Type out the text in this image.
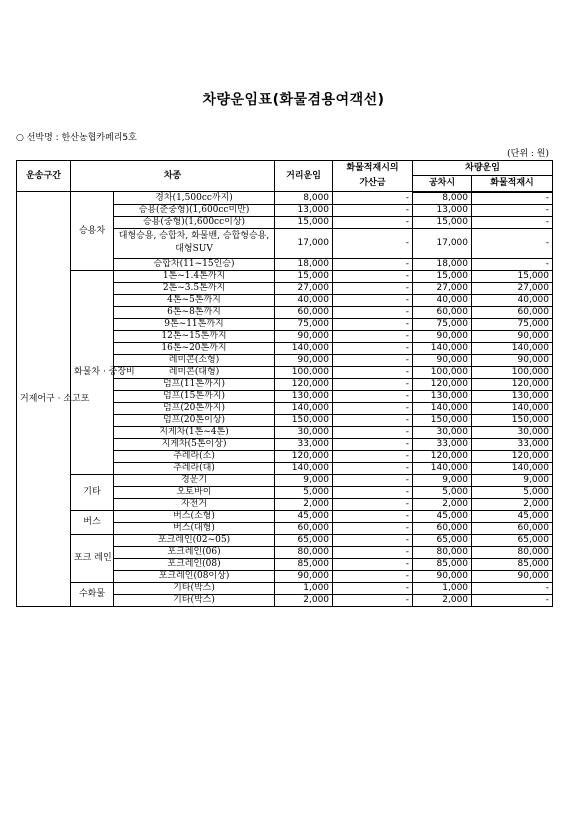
차량운임표(화물겸용여객선)
○ 선박명 : 한산농협카페리5호
(단위 : 원)
운송구간	차종		거리운임	화물적재시의
가산금	차량운임	
					공차시	화물적재시
거제어구 · 소고포	승용차	경차(1,500cc까지)	8,000	-	8,000	-
		승용(준중형)(1,600cc미만)	13,000	-	13,000	-
		승용(중형)(1,600cc이상)	15,000	-	15,000	-
		대형승용, 승합차, 화물밴, 승합형승용, 대형SUV	17,000	-	17,000	-
		승합차(11~15인승)	18,000	-	18,000	-
	화물차 · 중장비	1톤~1.4톤까지	15,000	-	15,000	15,000
		2톤~3.5톤까지	27,000	-	27,000	27,000
		4톤~5톤까지	40,000	-	40,000	40,000
		6톤~8톤까지	60,000	-	60,000	60,000
		9톤~11톤까지	75,000	-	75,000	75,000
		12톤~15톤까지	90,000	-	90,000	90,000
		16톤~20톤까지	140,000	-	140,000	140,000
		레미콘(소형)	90,000	-	90,000	90,000
		레미콘(대형)	100,000	-	100,000	100,000
		덤프(11톤까지)	120,000	-	120,000	120,000
		덤프(15톤까지)	130,000	-	130,000	130,000
		덤프(20톤까지)	140,000	-	140,000	140,000
		덤프(20톤이상)	150,000	-	150,000	150,000
		지게차(1톤~4톤)	30,000	-	30,000	30,000
		지게차(5톤이상)	33,000	-	33,000	33,000
		추레라(소)	120,000	-	120,000	120,000
		추레라(대)	140,000	-	140,000	140,000
	기타	경운기	9,000	-	9,000	9,000
		오토바이	5,000	-	5,000	5,000
		자전거	2,000	-	2,000	2,000
	버스	버스(소형)	45,000	-	45,000	45,000
		버스(대형)	60,000	-	60,000	60,000
	포크 레인	포크레인(02~05)	65,000	-	65,000	65,000
		포크레인(06)	80,000	-	80,000	80,000
		포크레인(08)	85,000	-	85,000	85,000
		포크레인(08이상)	90,000	-	90,000	90,000
	수화물	기타(박스)	1,000	-	1,000	-
		기타(박스)	2,000	-	2,000	-
